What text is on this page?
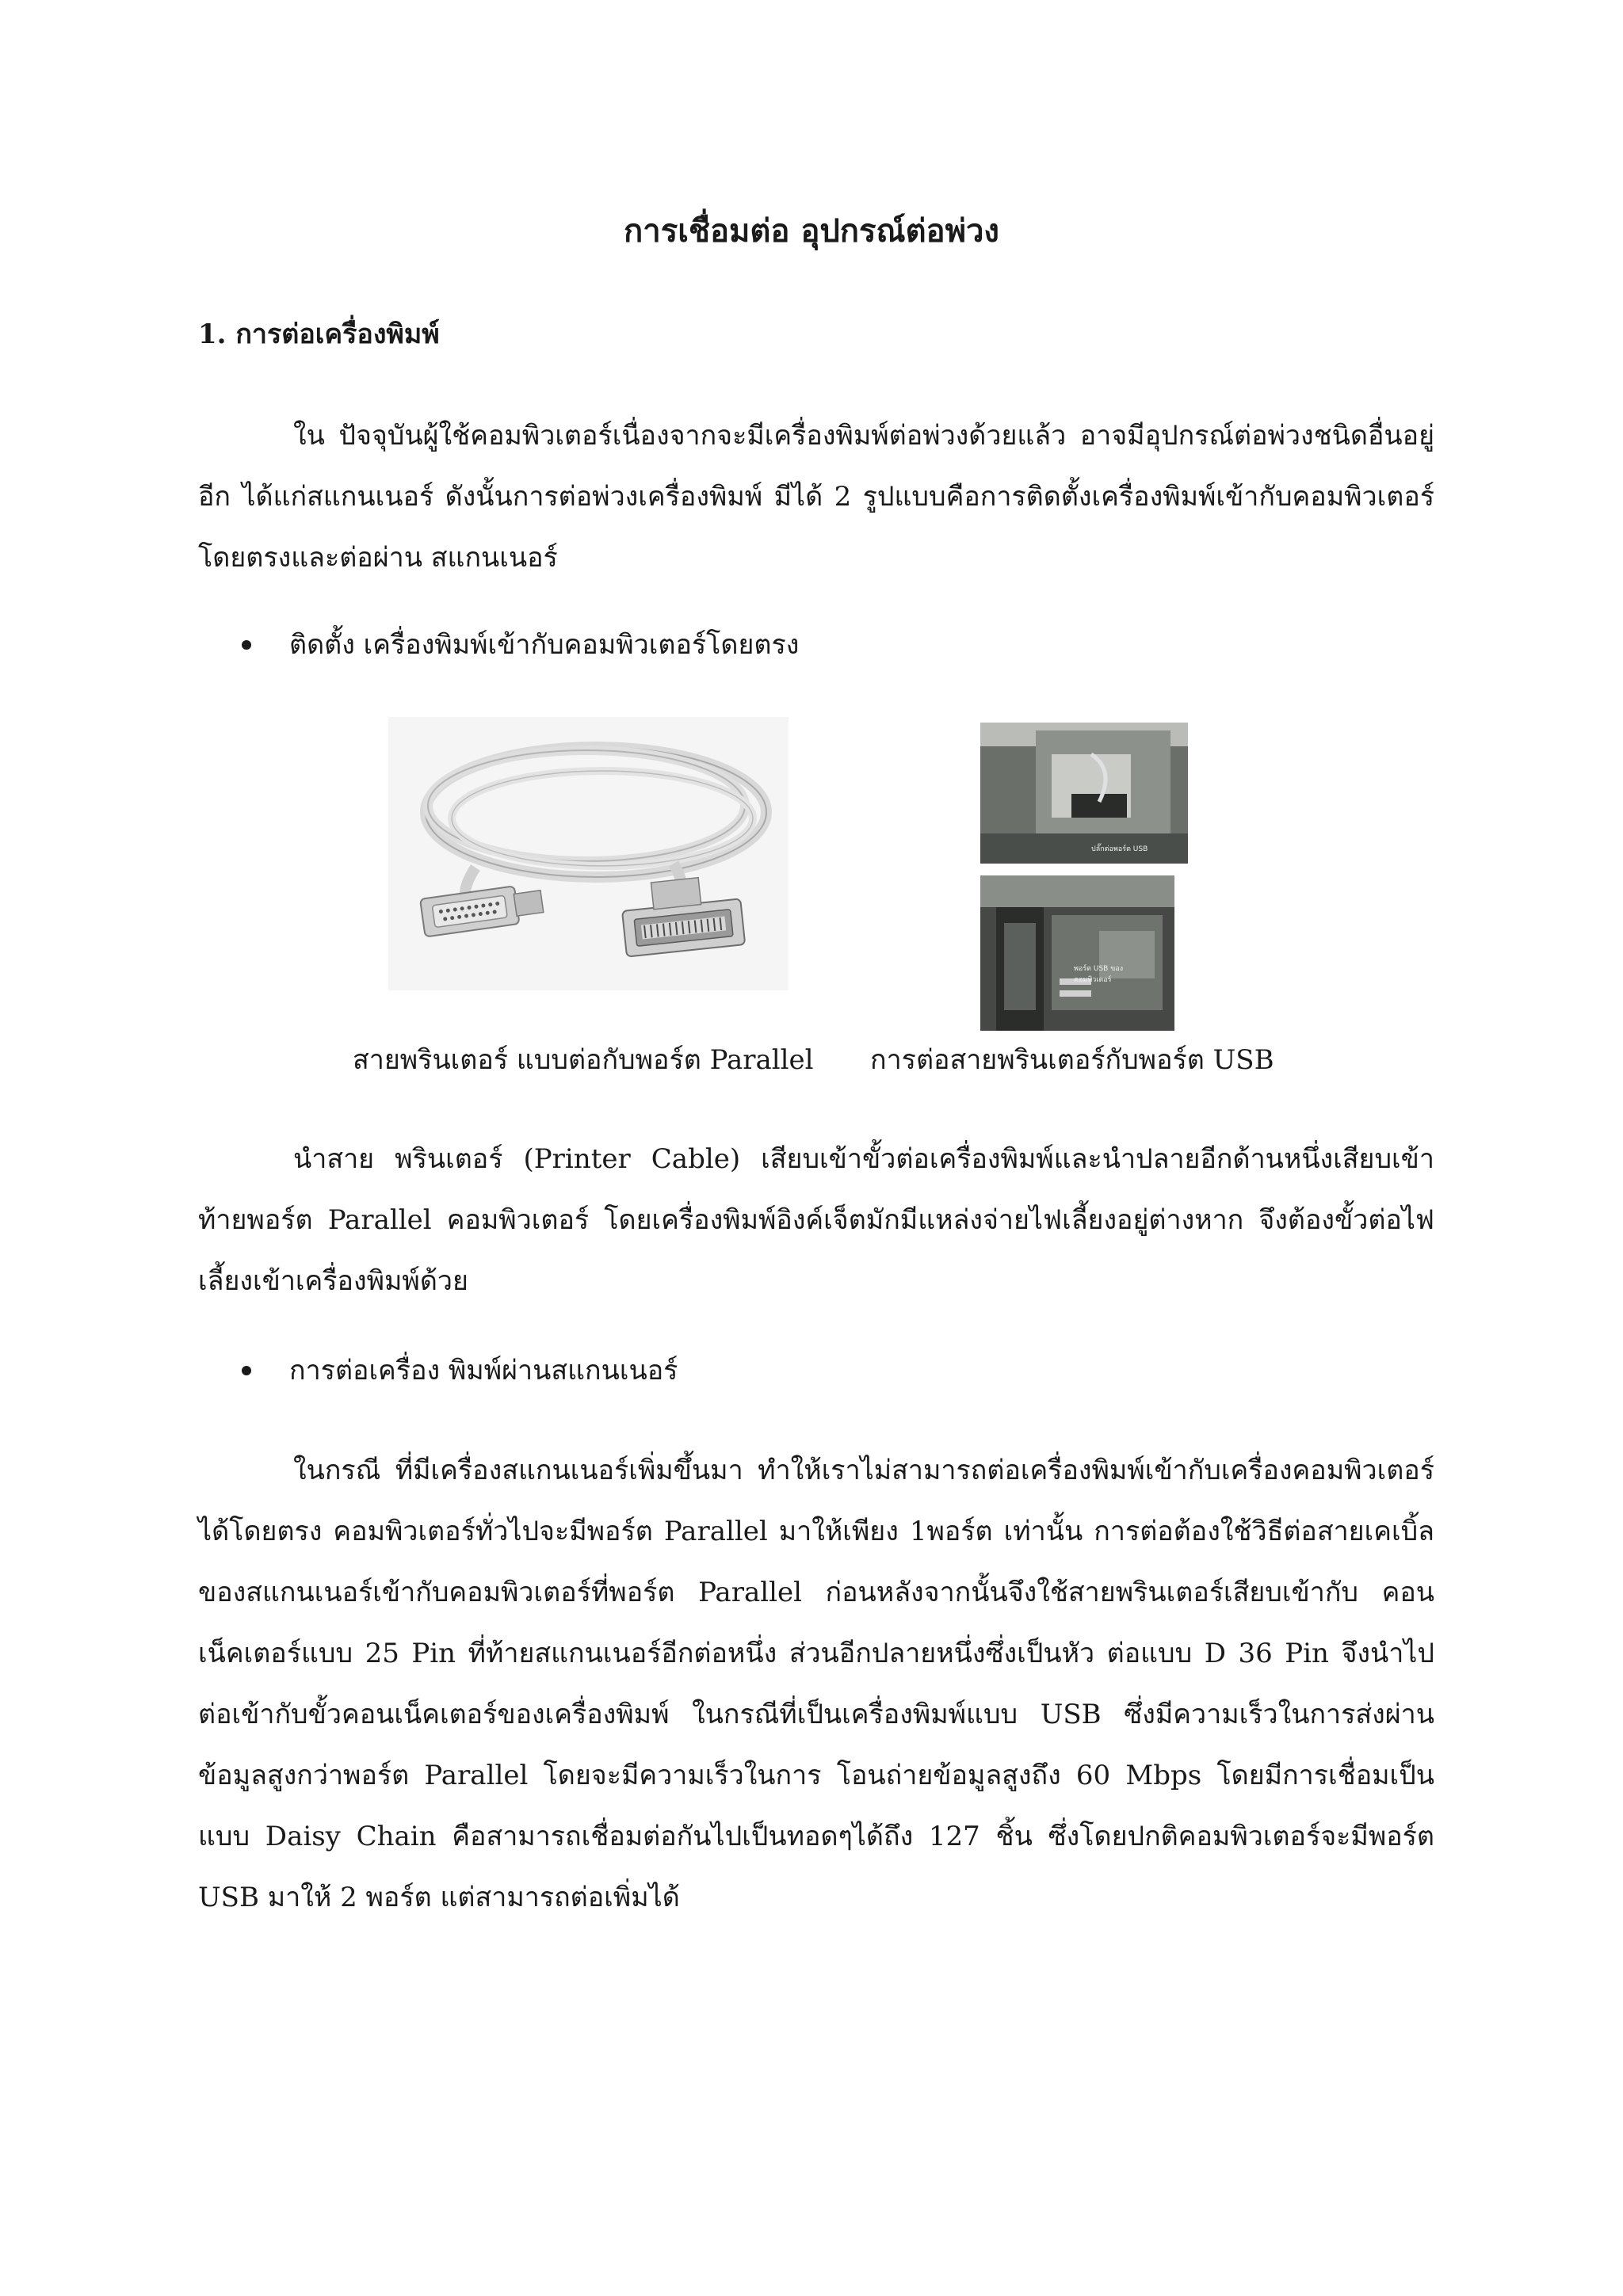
การเชื่อมต่อ อุปกรณ์ต่อพ่วง
1. การต่อเครื่องพิมพ์

ใน ปัจจุบันผู้ใช้คอมพิวเตอร์เนื่องจากจะมีเครื่องพิมพ์ต่อพ่วงด้วยแล้ว อาจมีอุปกรณ์ต่อพ่วงชนิดอื่นอยู่อีก ได้แก่สแกนเนอร์ ดังนั้นการต่อพ่วงเครื่องพิมพ์ มีได้ 2 รูปแบบคือการติดตั้งเครื่องพิมพ์เข้ากับคอมพิวเตอร์โดยตรงและต่อผ่าน สแกนเนอร์

ติดตั้ง เครื่องพิมพ์เข้ากับคอมพิวเตอร์โดยตรง
ปลั๊กต่อพอร์ต USB
พอร์ต USB ของ
คอมพิวเตอร์
สายพรินเตอร์ แบบต่อกับพอร์ต Parallel การต่อสายพรินเตอร์กับพอร์ต USB

นำสาย พรินเตอร์ (Printer Cable) เสียบเข้าขั้วต่อเครื่องพิมพ์และนำปลายอีกด้านหนึ่งเสียบเข้าท้ายพอร์ต Parallel คอมพิวเตอร์ โดยเครื่องพิมพ์อิงค์เจ็ตมักมีแหล่งจ่ายไฟเลี้ยงอยู่ต่างหาก จึงต้องขั้วต่อไฟเลี้ยงเข้าเครื่องพิมพ์ด้วย

การต่อเครื่อง พิมพ์ผ่านสแกนเนอร์

ในกรณี ที่มีเครื่องสแกนเนอร์เพิ่มขึ้นมา ทำให้เราไม่สามารถต่อเครื่องพิมพ์เข้ากับเครื่องคอมพิวเตอร์ได้โดยตรง คอมพิวเตอร์ทั่วไปจะมีพอร์ต Parallel มาให้เพียง 1พอร์ต เท่านั้น การต่อต้องใช้วิธีต่อสายเคเบิ้ลของสแกนเนอร์เข้ากับคอมพิวเตอร์ที่พอร์ต Parallel ก่อนหลังจากนั้นจึงใช้สายพรินเตอร์เสียบเข้ากับ คอนเน็คเตอร์แบบ 25 Pin ที่ท้ายสแกนเนอร์อีกต่อหนึ่ง ส่วนอีกปลายหนึ่งซึ่งเป็นหัว ต่อแบบ D 36 Pin จึงนำไปต่อเข้ากับขั้วคอนเน็คเตอร์ของเครื่องพิมพ์ ในกรณีที่เป็นเครื่องพิมพ์แบบ USB ซึ่งมีความเร็วในการส่งผ่านข้อมูลสูงกว่าพอร์ต Parallel โดยจะมีความเร็วในการ โอนถ่ายข้อมูลสูงถึง 60 Mbps โดยมีการเชื่อมเป็นแบบ Daisy Chain คือสามารถเชื่อมต่อกันไปเป็นทอดๆได้ถึง 127 ชิ้น ซึ่งโดยปกติคอมพิวเตอร์จะมีพอร์ต USB มาให้ 2 พอร์ต แต่สามารถต่อเพิ่มได้
